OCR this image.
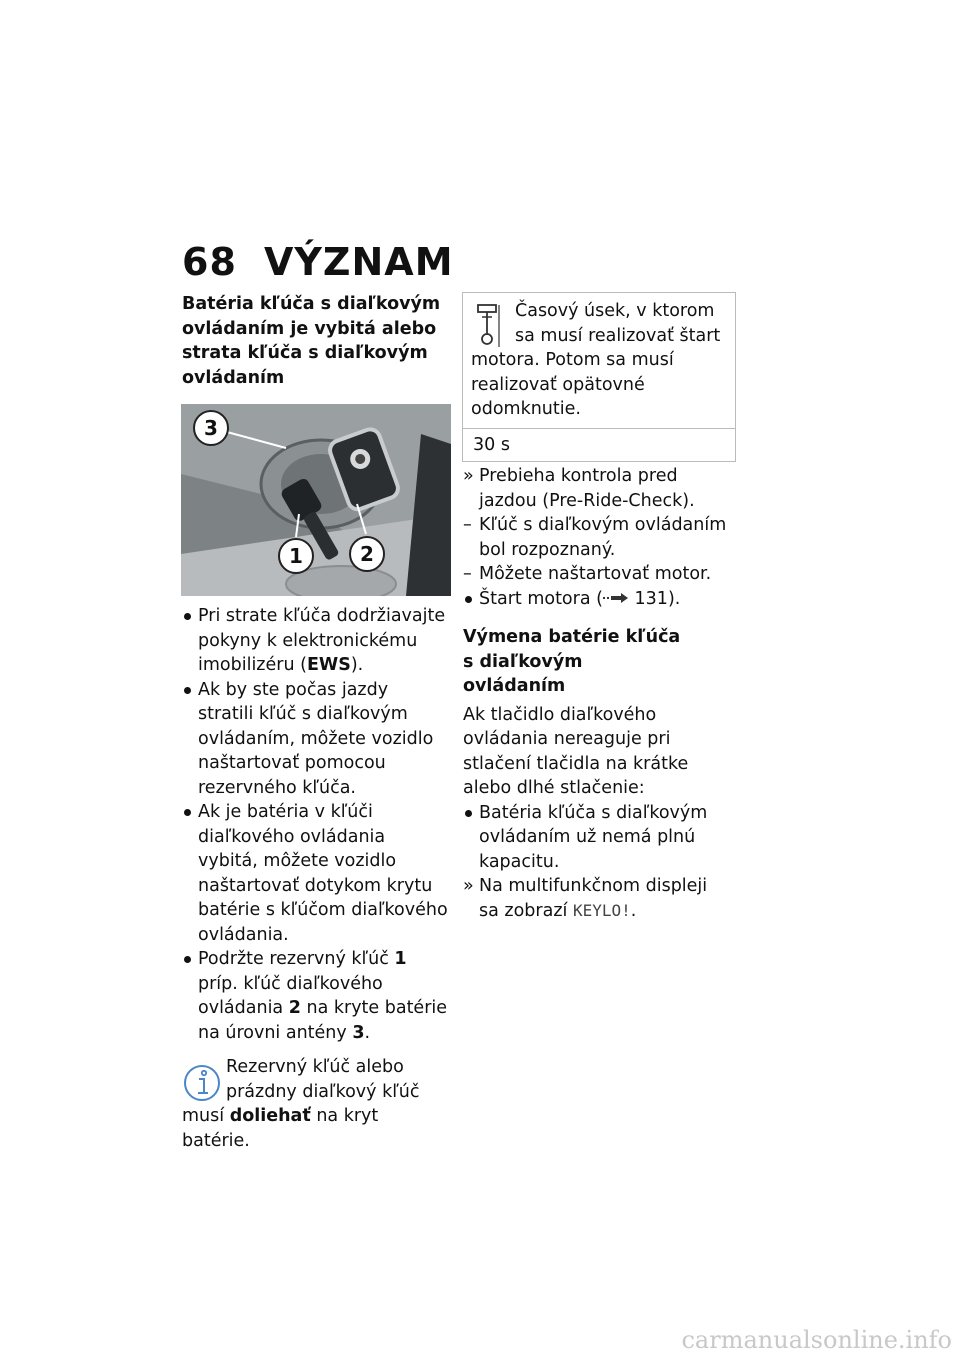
68 VÝZNAM
Batéria kľúča s diaľkovým ovládaním je vybitá alebo strata kľúča s diaľkovým ovládaním
3
1	2
Pri strate kľúča dodržiavajte pokyny k elektronickému imobilizéru (EWS).
Ak by ste počas jazdy stratili kľúč s diaľkovým ovládaním, môžete vozidlo naštartovať pomocou rezervného kľúča.
Ak je batéria v kľúči diaľkového ovládania vybitá, môžete vozidlo naštartovať dotykom krytu batérie s kľúčom diaľkového ovládania.
Podržte rezervný kľúč 1 príp. kľúč diaľkového ovládania 2 na kryte batérie na úrovni antény 3.
Rezervný kľúč alebo
prázdny diaľkový kľúč
musí doliehať na kryt batérie.
Časový úsek, v ktorom
sa musí realizovať štart
motora. Potom sa musí realizovať opätovné odomknutie.
30 s
» Prebieha kontrola pred jazdou (Pre-Ride-Check).
– Kľúč s diaľkovým ovládaním bol rozpoznaný.
– Môžete naštartovať motor.
Štart motora ( 131).
Výmena batérie kľúča s diaľkovým ovládaním

Ak tlačidlo diaľkového ovládania nereaguje pri stlačení tlačidla na krátke alebo dlhé stlačenie:

Batéria kľúča s diaľkovým ovládaním už nemá plnú kapacitu.
» Na multifunkčnom displeji sa zobrazí KEYLO!.
carmanualsonline.info
